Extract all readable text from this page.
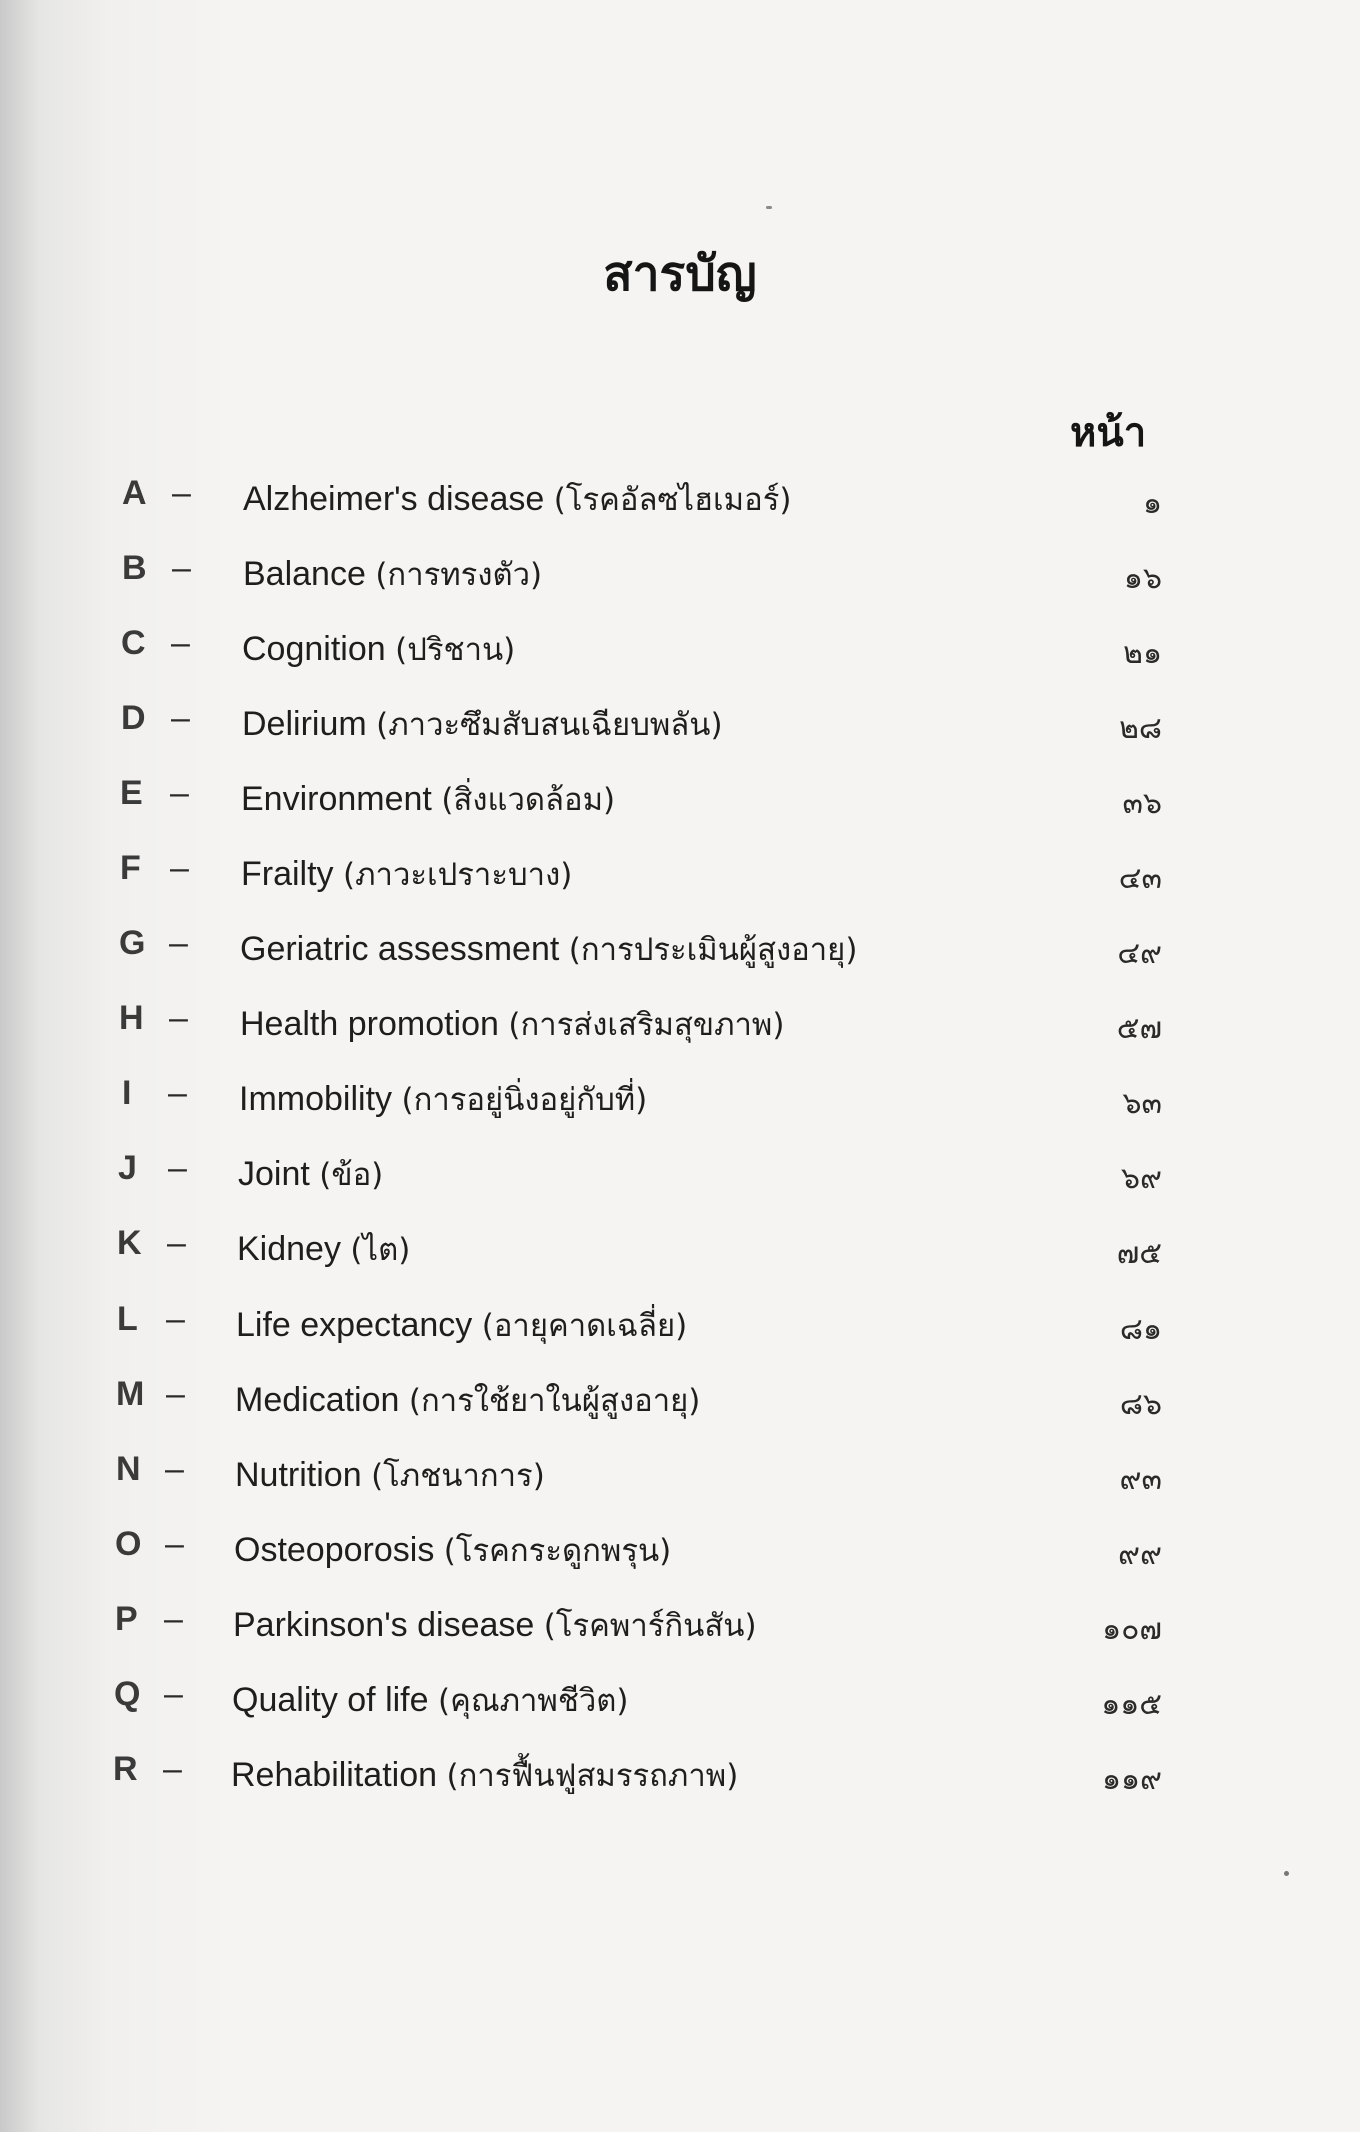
สารบัญ
หน้า
A – Alzheimer's disease (โรคอัลซไฮเมอร์)	๑
B – Balance (การทรงตัว)	๑๖
C – Cognition (ปริชาน)	๒๑
D – Delirium (ภาวะซึมสับสนเฉียบพลัน)	๒๘
E – Environment (สิ่งแวดล้อม)	๓๖
F – Frailty (ภาวะเปราะบาง)	๔๓
G – Geriatric assessment (การประเมินผู้สูงอายุ)	๔๙
H – Health promotion (การส่งเสริมสุขภาพ)	๕๗
I – Immobility (การอยู่นิ่งอยู่กับที่)	๖๓
J – Joint (ข้อ)	๖๙
K – Kidney (ไต)	๗๕
L – Life expectancy (อายุคาดเฉลี่ย)	๘๑
M – Medication (การใช้ยาในผู้สูงอายุ)	๘๖
N – Nutrition (โภชนาการ)	๙๓
O – Osteoporosis (โรคกระดูกพรุน)	๙๙
P – Parkinson's disease (โรคพาร์กินสัน)	๑๐๗
Q – Quality of life (คุณภาพชีวิต)	๑๑๕
R – Rehabilitation (การฟื้นฟูสมรรถภาพ)	๑๑๙
